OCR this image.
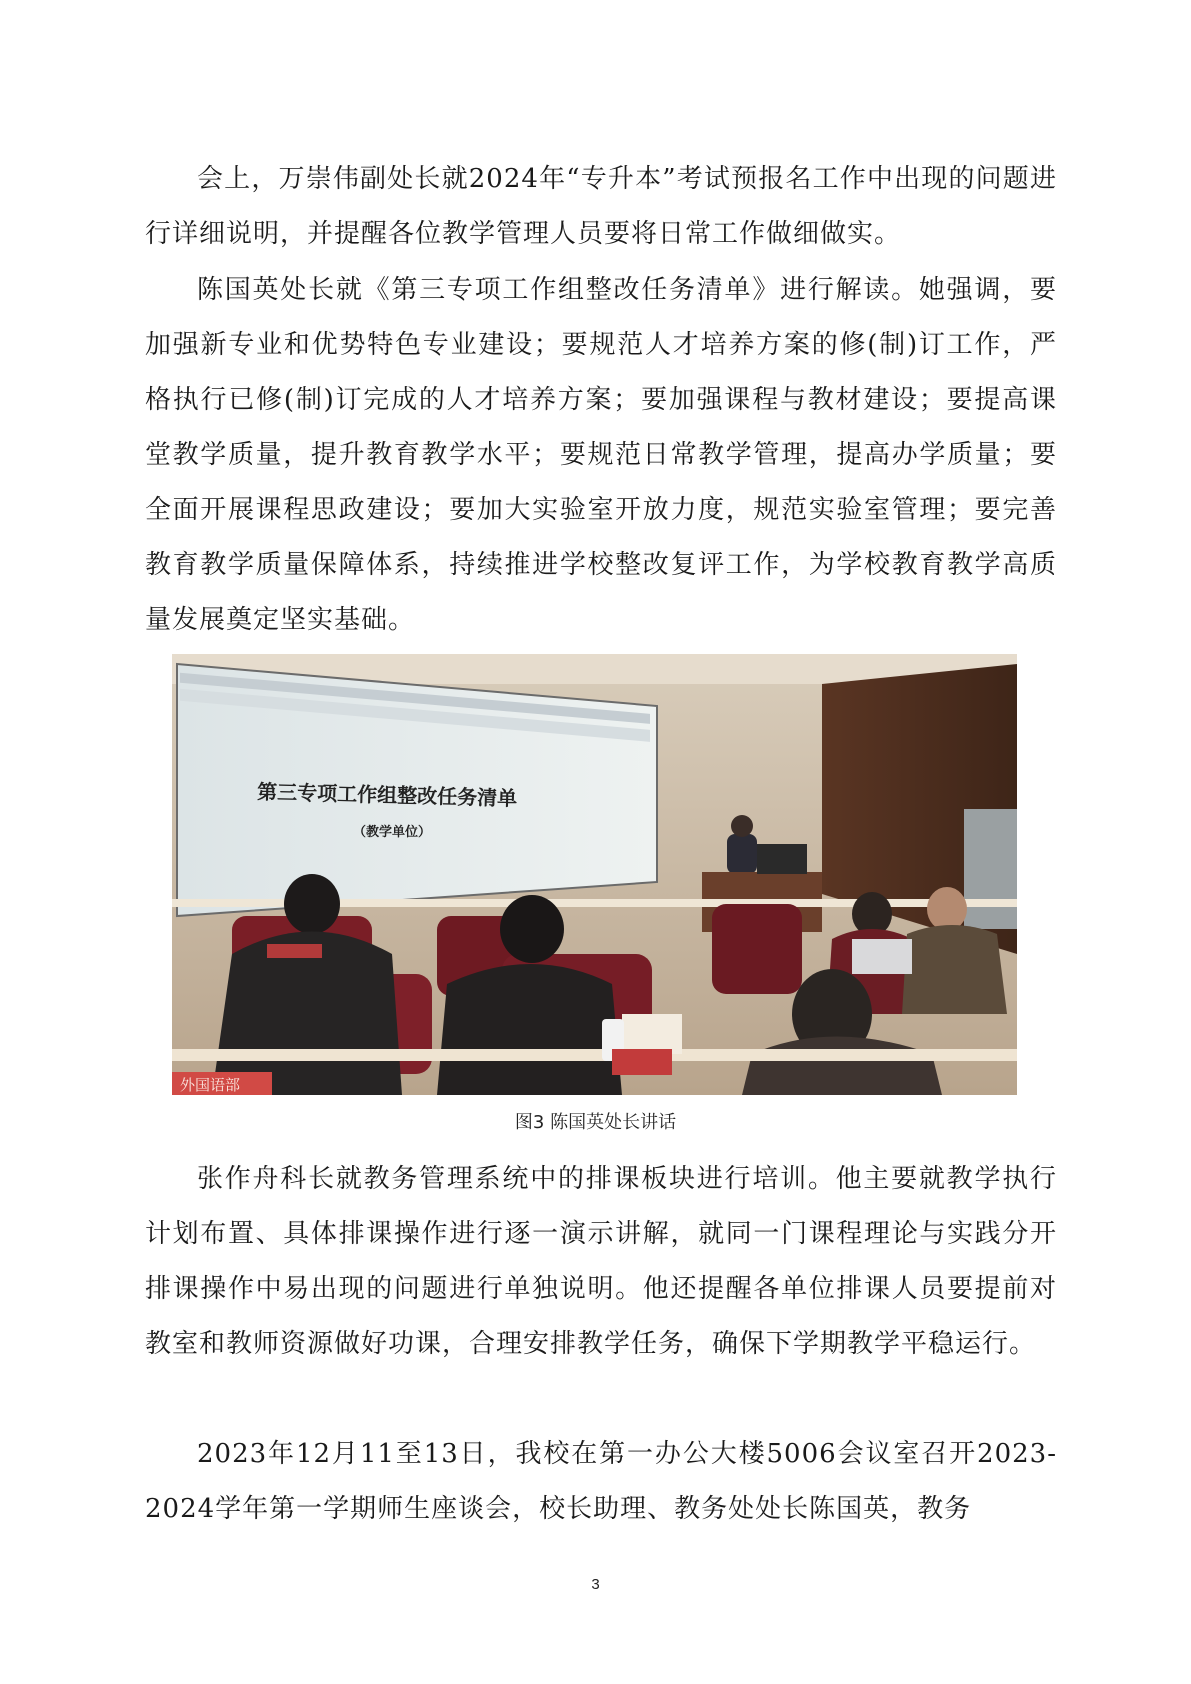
会上，万崇伟副处长就2024年“专升本”考试预报名工作中出现的问题进行详细说明，并提醒各位教学管理人员要将日常工作做细做实。

陈国英处长就《第三专项工作组整改任务清单》进行解读。她强调，要加强新专业和优势特色专业建设；要规范人才培养方案的修(制)订工作，严格执行已修(制)订完成的人才培养方案；要加强课程与教材建设；要提高课堂教学质量，提升教育教学水平；要规范日常教学管理，提高办学质量；要全面开展课程思政建设；要加大实验室开放力度，规范实验室管理；要完善教育教学质量保障体系，持续推进学校整改复评工作，为学校教育教学高质量发展奠定坚实基础。

第三专项工作组整改任务清单
（教学单位）
外国语部
图3 陈国英处长讲话

张作舟科长就教务管理系统中的排课板块进行培训。他主要就教学执行计划布置、具体排课操作进行逐一演示讲解，就同一门课程理论与实践分开排课操作中易出现的问题进行单独说明。他还提醒各单位排课人员要提前对教室和教师资源做好功课，合理安排教学任务，确保下学期教学平稳运行。

2023年12月11至13日，我校在第一办公大楼5006会议室召开2023-2024学年第一学期师生座谈会，校长助理、教务处处长陈国英，教务

3
